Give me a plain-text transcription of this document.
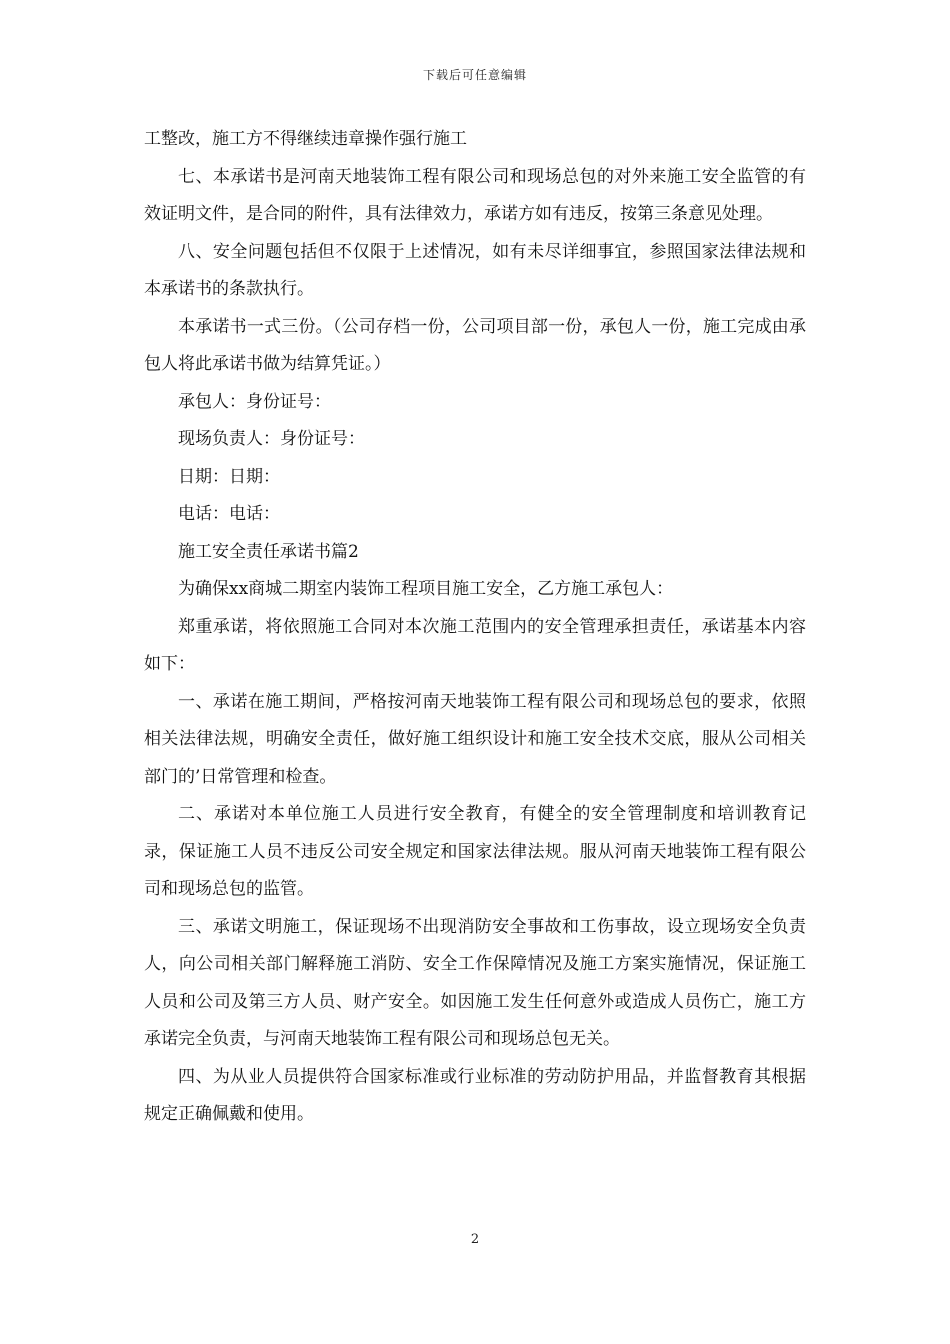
下载后可任意编辑

工整改，施工方不得继续违章操作强行施工

七、本承诺书是河南天地装饰工程有限公司和现场总包的对外来施工安全监管的有效证明文件，是合同的附件，具有法律效力，承诺方如有违反，按第三条意见处理。

八、安全问题包括但不仅限于上述情况，如有未尽详细事宜，参照国家法律法规和本承诺书的条款执行。

本承诺书一式三份。（公司存档一份，公司项目部一份，承包人一份，施工完成由承包人将此承诺书做为结算凭证。）

承包人：身份证号：

现场负责人：身份证号：

日期：日期：

电话：电话：

施工安全责任承诺书篇2

为确保xx商城二期室内装饰工程项目施工安全，乙方施工承包人：

郑重承诺，将依照施工合同对本次施工范围内的安全管理承担责任，承诺基本内容如下：

一、承诺在施工期间，严格按河南天地装饰工程有限公司和现场总包的要求，依照相关法律法规，明确安全责任，做好施工组织设计和施工安全技术交底，服从公司相关部门的’日常管理和检查。

二、承诺对本单位施工人员进行安全教育，有健全的安全管理制度和培训教育记录，保证施工人员不违反公司安全规定和国家法律法规。服从河南天地装饰工程有限公司和现场总包的监管。

三、承诺文明施工，保证现场不出现消防安全事故和工伤事故，设立现场安全负责人，向公司相关部门解释施工消防、安全工作保障情况及施工方案实施情况，保证施工人员和公司及第三方人员、财产安全。如因施工发生任何意外或造成人员伤亡，施工方承诺完全负责，与河南天地装饰工程有限公司和现场总包无关。

四、为从业人员提供符合国家标准或行业标准的劳动防护用品，并监督教育其根据规定正确佩戴和使用。

2
